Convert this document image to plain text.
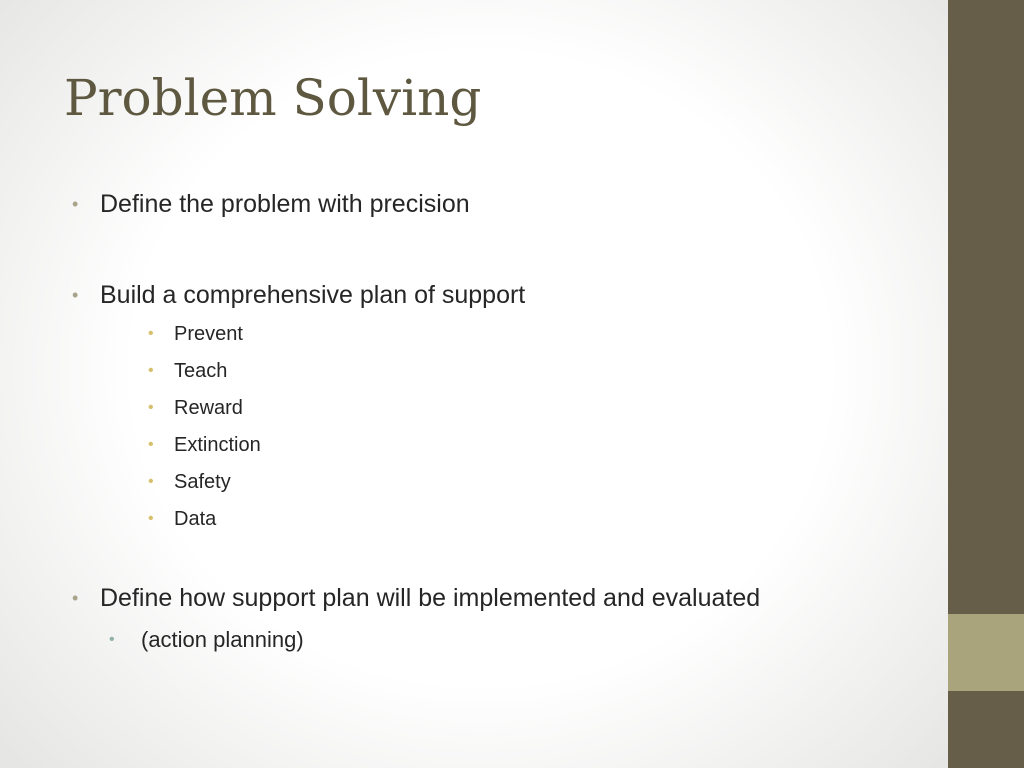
Problem Solving
• Define the problem with precision
• Build a comprehensive plan of support
• Prevent
• Teach
• Reward
• Extinction
• Safety
• Data
• Define how support plan will be implemented and evaluated
• (action planning)
